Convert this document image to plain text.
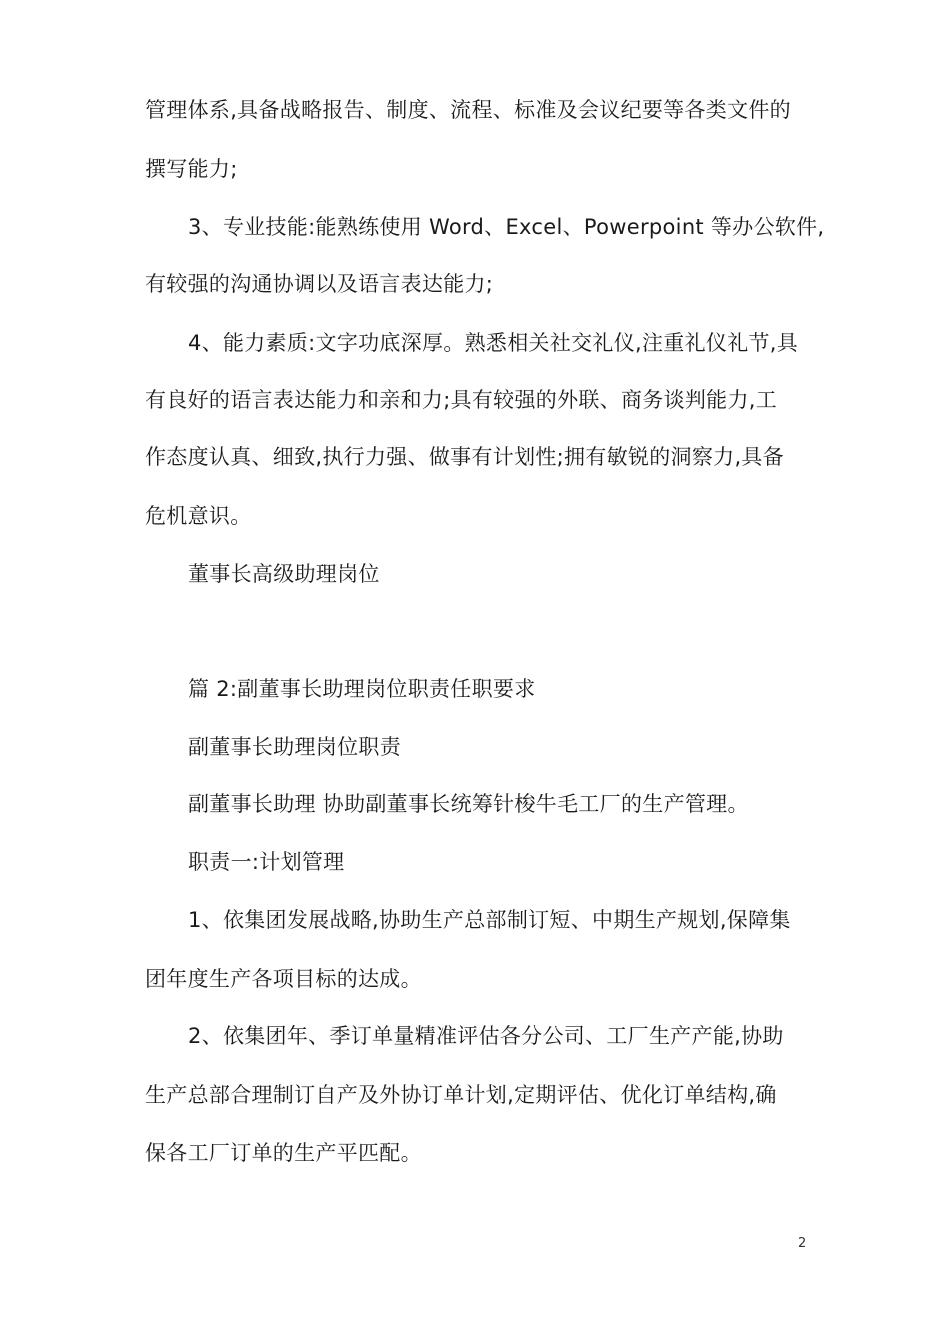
管理体系,具备战略报告、制度、流程、标准及会议纪要等各类文件的
撰写能力;
3、专业技能:能熟练使用 Word、Excel、Powerpoint 等办公软件,
有较强的沟通协调以及语言表达能力;
4、能力素质:文字功底深厚。熟悉相关社交礼仪,注重礼仪礼节,具
有良好的语言表达能力和亲和力;具有较强的外联、商务谈判能力,工
作态度认真、细致,执行力强、做事有计划性;拥有敏锐的洞察力,具备
危机意识。
董事长高级助理岗位
篇 2:副董事长助理岗位职责任职要求
副董事长助理岗位职责
副董事长助理 协助副董事长统筹针梭牛毛工厂的生产管理。
职责一:计划管理
1、依集团发展战略,协助生产总部制订短、中期生产规划,保障集
团年度生产各项目标的达成。
2、依集团年、季订单量精准评估各分公司、工厂生产产能,协助
生产总部合理制订自产及外协订单计划,定期评估、优化订单结构,确
保各工厂订单的生产平匹配。
2
